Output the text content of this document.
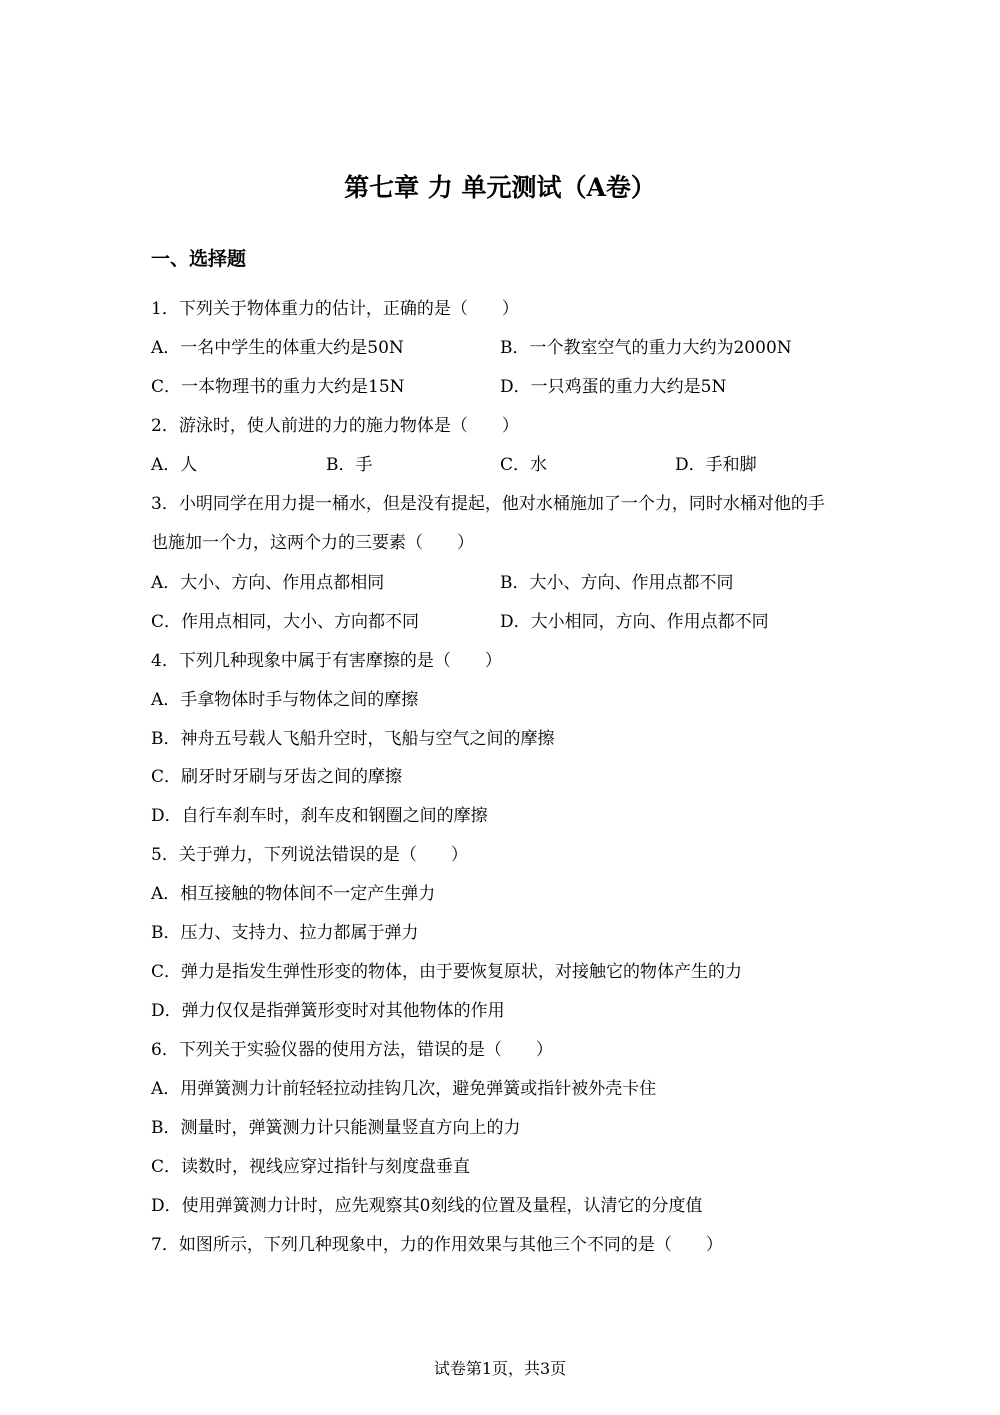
第七章 力 单元测试（A卷）
一、选择题
1．下列关于物体重力的估计，正确的是（　　）
A．一名中学生的体重大约是50N	B．一个教室空气的重力大约为2000N
C．一本物理书的重力大约是15N	D．一只鸡蛋的重力大约是5N
2．游泳时，使人前进的力的施力物体是（　　）
A．人	B．手	C．水	D．手和脚
3．小明同学在用力提一桶水，但是没有提起，他对水桶施加了一个力，同时水桶对他的手
也施加一个力，这两个力的三要素（　　）
A．大小、方向、作用点都相同	B．大小、方向、作用点都不同
C．作用点相同，大小、方向都不同	D．大小相同，方向、作用点都不同
4．下列几种现象中属于有害摩擦的是（　　）
A．手拿物体时手与物体之间的摩擦
B．神舟五号载人飞船升空时，飞船与空气之间的摩擦
C．刷牙时牙刷与牙齿之间的摩擦
D．自行车刹车时，刹车皮和钢圈之间的摩擦
5．关于弹力，下列说法错误的是（　　）
A．相互接触的物体间不一定产生弹力
B．压力、支持力、拉力都属于弹力
C．弹力是指发生弹性形变的物体，由于要恢复原状，对接触它的物体产生的力
D．弹力仅仅是指弹簧形变时对其他物体的作用
6．下列关于实验仪器的使用方法，错误的是（　　）
A．用弹簧测力计前轻轻拉动挂钩几次，避免弹簧或指针被外壳卡住
B．测量时，弹簧测力计只能测量竖直方向上的力
C．读数时，视线应穿过指针与刻度盘垂直
D．使用弹簧测力计时，应先观察其0刻线的位置及量程，认清它的分度值
7．如图所示，下列几种现象中，力的作用效果与其他三个不同的是（　　）
试卷第1页，共3页
